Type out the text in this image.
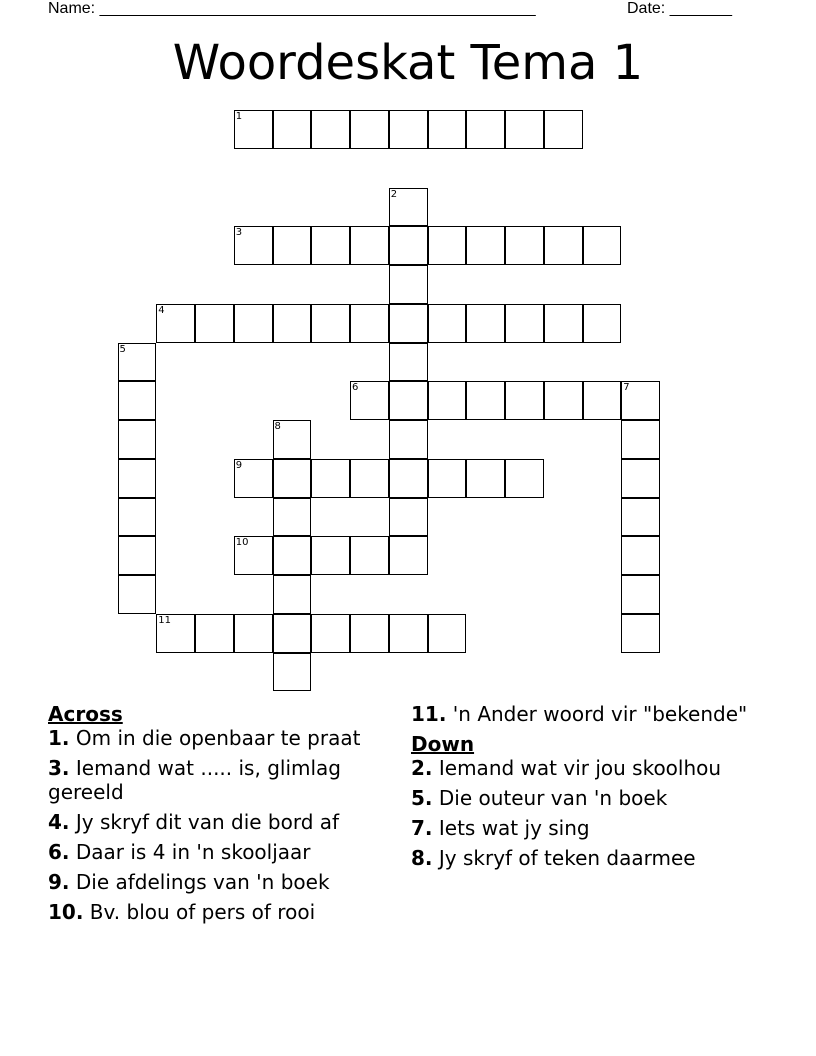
Name: _________________________________________________	Date: _______
Woordeskat Tema 1
1
2
3
4
5
6	7
8
9
10
11

Across

1. Om in die openbaar te praat

3. Iemand wat ..... is, glimlag gereeld

4. Jy skryf dit van die bord af

6. Daar is 4 in 'n skooljaar

9. Die afdelings van 'n boek

10. Bv. blou of pers of rooi

11. 'n Ander woord vir "bekende"

Down

2. Iemand wat vir jou skoolhou

5. Die outeur van 'n boek

7. Iets wat jy sing

8. Jy skryf of teken daarmee
